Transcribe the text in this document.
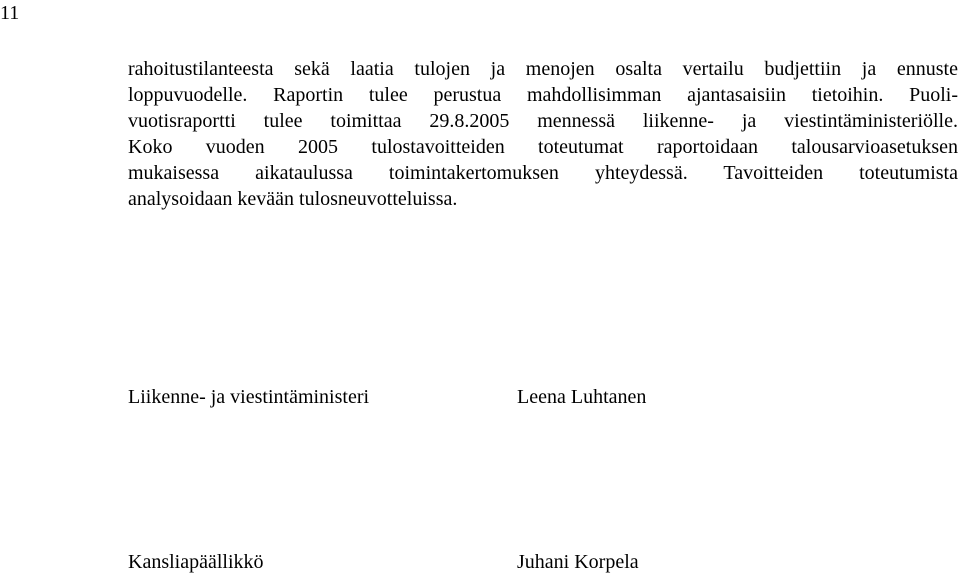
11
rahoitustilanteesta sekä laatia tulojen ja menojen osalta vertailu budjettiin ja ennuste
loppuvuodelle. Raportin tulee perustua mahdollisimman ajantasaisiin tietoihin. Puoli-
vuotisraportti tulee toimittaa 29.8.2005 mennessä liikenne- ja viestintäministeriölle.
Koko vuoden 2005 tulostavoitteiden toteutumat raportoidaan talousarvioasetuksen
mukaisessa aikataulussa toimintakertomuksen yhteydessä. Tavoitteiden toteutumista
analysoidaan kevään tulosneuvotteluissa.
Liikenne- ja viestintäministeri	Leena Luhtanen
Kansliapäällikkö	Juhani Korpela
